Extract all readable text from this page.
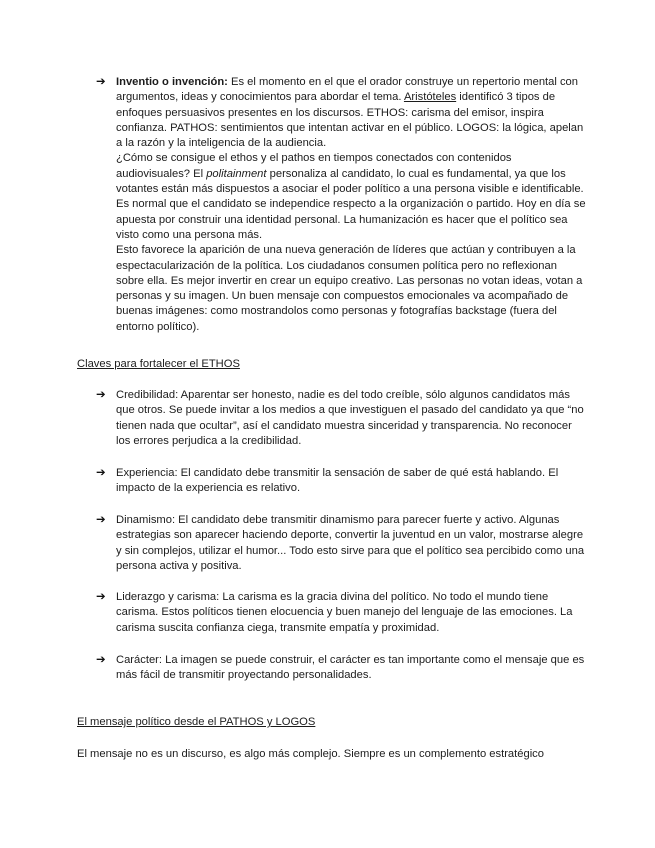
➔ Inventio o invención: Es el momento en el que el orador construye un repertorio mental con argumentos, ideas y conocimientos para abordar el tema. Aristóteles identificó 3 tipos de enfoques persuasivos presentes en los discursos. ETHOS: carisma del emisor, inspira confianza. PATHOS: sentimientos que intentan activar en el público. LOGOS: la lógica, apelan a la razón y la inteligencia de la audiencia.
¿Cómo se consigue el ethos y el pathos en tiempos conectados con contenidos audiovisuales? El politainment personaliza al candidato, lo cual es fundamental, ya que los votantes están más dispuestos a asociar el poder político a una persona visible e identificable. Es normal que el candidato se independice respecto a la organización o partido. Hoy en día se apuesta por construir una identidad personal. La humanización es hacer que el político sea visto como una persona más.
Esto favorece la aparición de una nueva generación de líderes que actúan y contribuyen a la espectacularización de la política. Los ciudadanos consumen política pero no reflexionan sobre ella. Es mejor invertir en crear un equipo creativo. Las personas no votan ideas, votan a personas y su imagen. Un buen mensaje con compuestos emocionales va acompañado de buenas imágenes: como mostrandolos como personas y fotografías backstage (fuera del entorno político).
Claves para fortalecer el ETHOS
➔ Credibilidad: Aparentar ser honesto, nadie es del todo creíble, sólo algunos candidatos más que otros. Se puede invitar a los medios a que investiguen el pasado del candidato ya que “no tienen nada que ocultar”, así el candidato muestra sinceridad y transparencia. No reconocer los errores perjudica a la credibilidad.
➔ Experiencia: El candidato debe transmitir la sensación de saber de qué está hablando. El impacto de la experiencia es relativo.
➔ Dinamismo: El candidato debe transmitir dinamismo para parecer fuerte y activo. Algunas estrategias son aparecer haciendo deporte, convertir la juventud en un valor, mostrarse alegre y sin complejos, utilizar el humor... Todo esto sirve para que el político sea percibido como una persona activa y positiva.
➔ Liderazgo y carisma: La carisma es la gracia divina del político. No todo el mundo tiene carisma. Estos políticos tienen elocuencia y buen manejo del lenguaje de las emociones. La carisma suscita confianza ciega, transmite empatía y proximidad.
➔ Carácter: La imagen se puede construir, el carácter es tan importante como el mensaje que es más fácil de transmitir proyectando personalidades.
El mensaje político desde el PATHOS y LOGOS
El mensaje no es un discurso, es algo más complejo. Siempre es un complemento estratégico
